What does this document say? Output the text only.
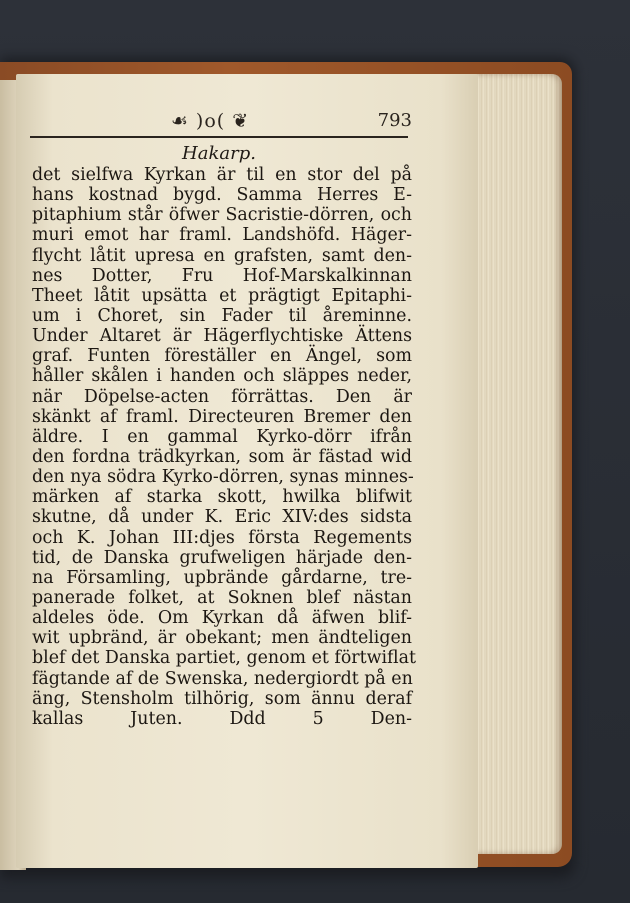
☙ )o( ❦	793
Hakarp.
det sielfwa Kyrkan är til en stor del på
hans kostnad bygd. Samma Herres E-
pitaphium står öfwer Sacristie-dörren, och
muri emot har framl. Landshöfd. Häger-
flycht låtit upresa en grafsten, samt den-
nes Dotter, Fru Hof-Marskalkinnan
Theet låtit upsätta et prägtigt Epitaphi-
um i Choret, sin Fader til åreminne.
Under Altaret är Hägerflychtiske Ättens
graf. Funten föreställer en Ängel, som
håller skålen i handen och släppes neder,
när Döpelse-acten förrättas. Den är
skänkt af framl. Directeuren Bremer den
äldre. I en gammal Kyrko-dörr ifrån
den fordna trädkyrkan, som är fästad wid
den nya södra Kyrko-dörren, synas minnes-
märken af starka skott, hwilka blifwit
skutne, då under K. Eric XIV:des sidsta
och K. Johan III:djes första Regements
tid, de Danska grufweligen härjade den-
na Församling, upbrände gårdarne, tre-
panerade folket, at Soknen blef nästan
aldeles öde. Om Kyrkan då äfwen blif-
wit upbränd, är obekant; men ändteligen
blef det Danska partiet, genom et förtwiflat
fägtande af de Swenska, nedergiordt på en
äng, Stensholm tilhörig, som ännu deraf
kallas Juten. Ddd 5 Den-
